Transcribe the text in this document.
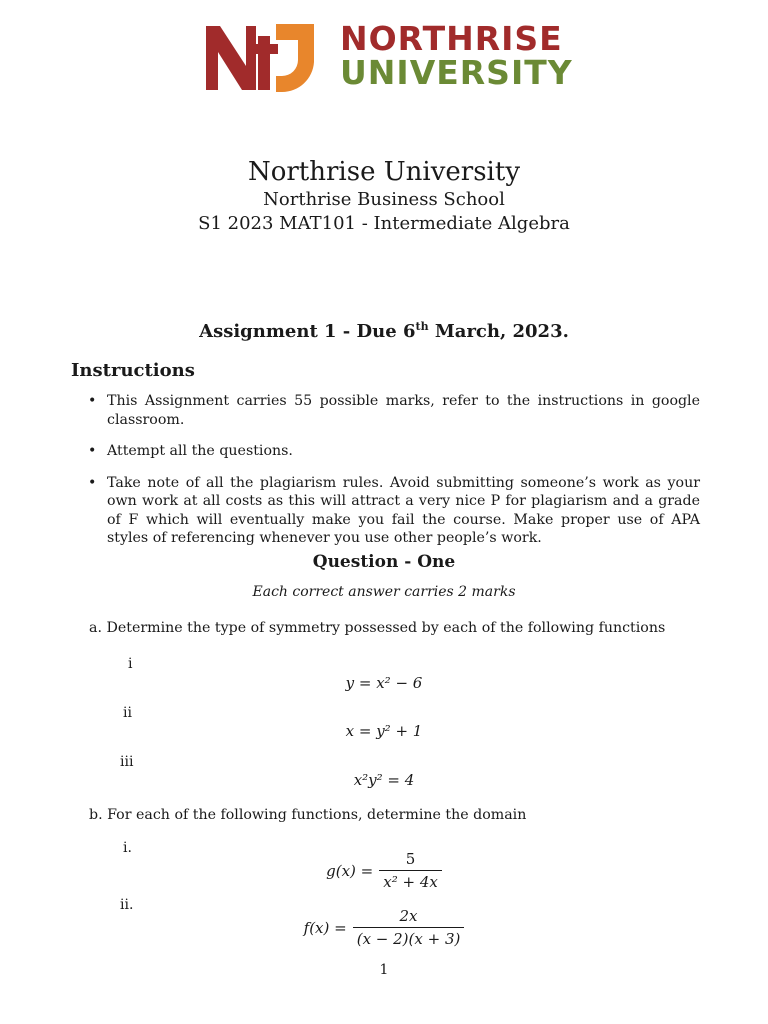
NORTHRISE
UNIVERSITY
Northrise University
Northrise Business School
S1 2023 MAT101 - Intermediate Algebra
Assignment 1 - Due 6th March, 2023.
Instructions
• This Assignment carries 55 possible marks, refer to the instructions in google classroom.
• Attempt all the questions.
• Take note of all the plagiarism rules. Avoid submitting someone’s work as your own work at all costs as this will attract a very nice P for plagiarism and a grade of F which will eventually make you fail the course. Make proper use of APA styles of referencing whenever you use other people’s work.
Question - One
Each correct answer carries 2 marks
a. Determine the type of symmetry possessed by each of the following functions
i
y = x² − 6
ii
x = y² + 1
iii
x²y² = 4
b. For each of the following functions, determine the domain
i.
$g(x) = \frac{5}{\text{x² + 4x}}$
ii.
$f(x) = \frac{2x}{(x - 2)(x + 3)}$
1
